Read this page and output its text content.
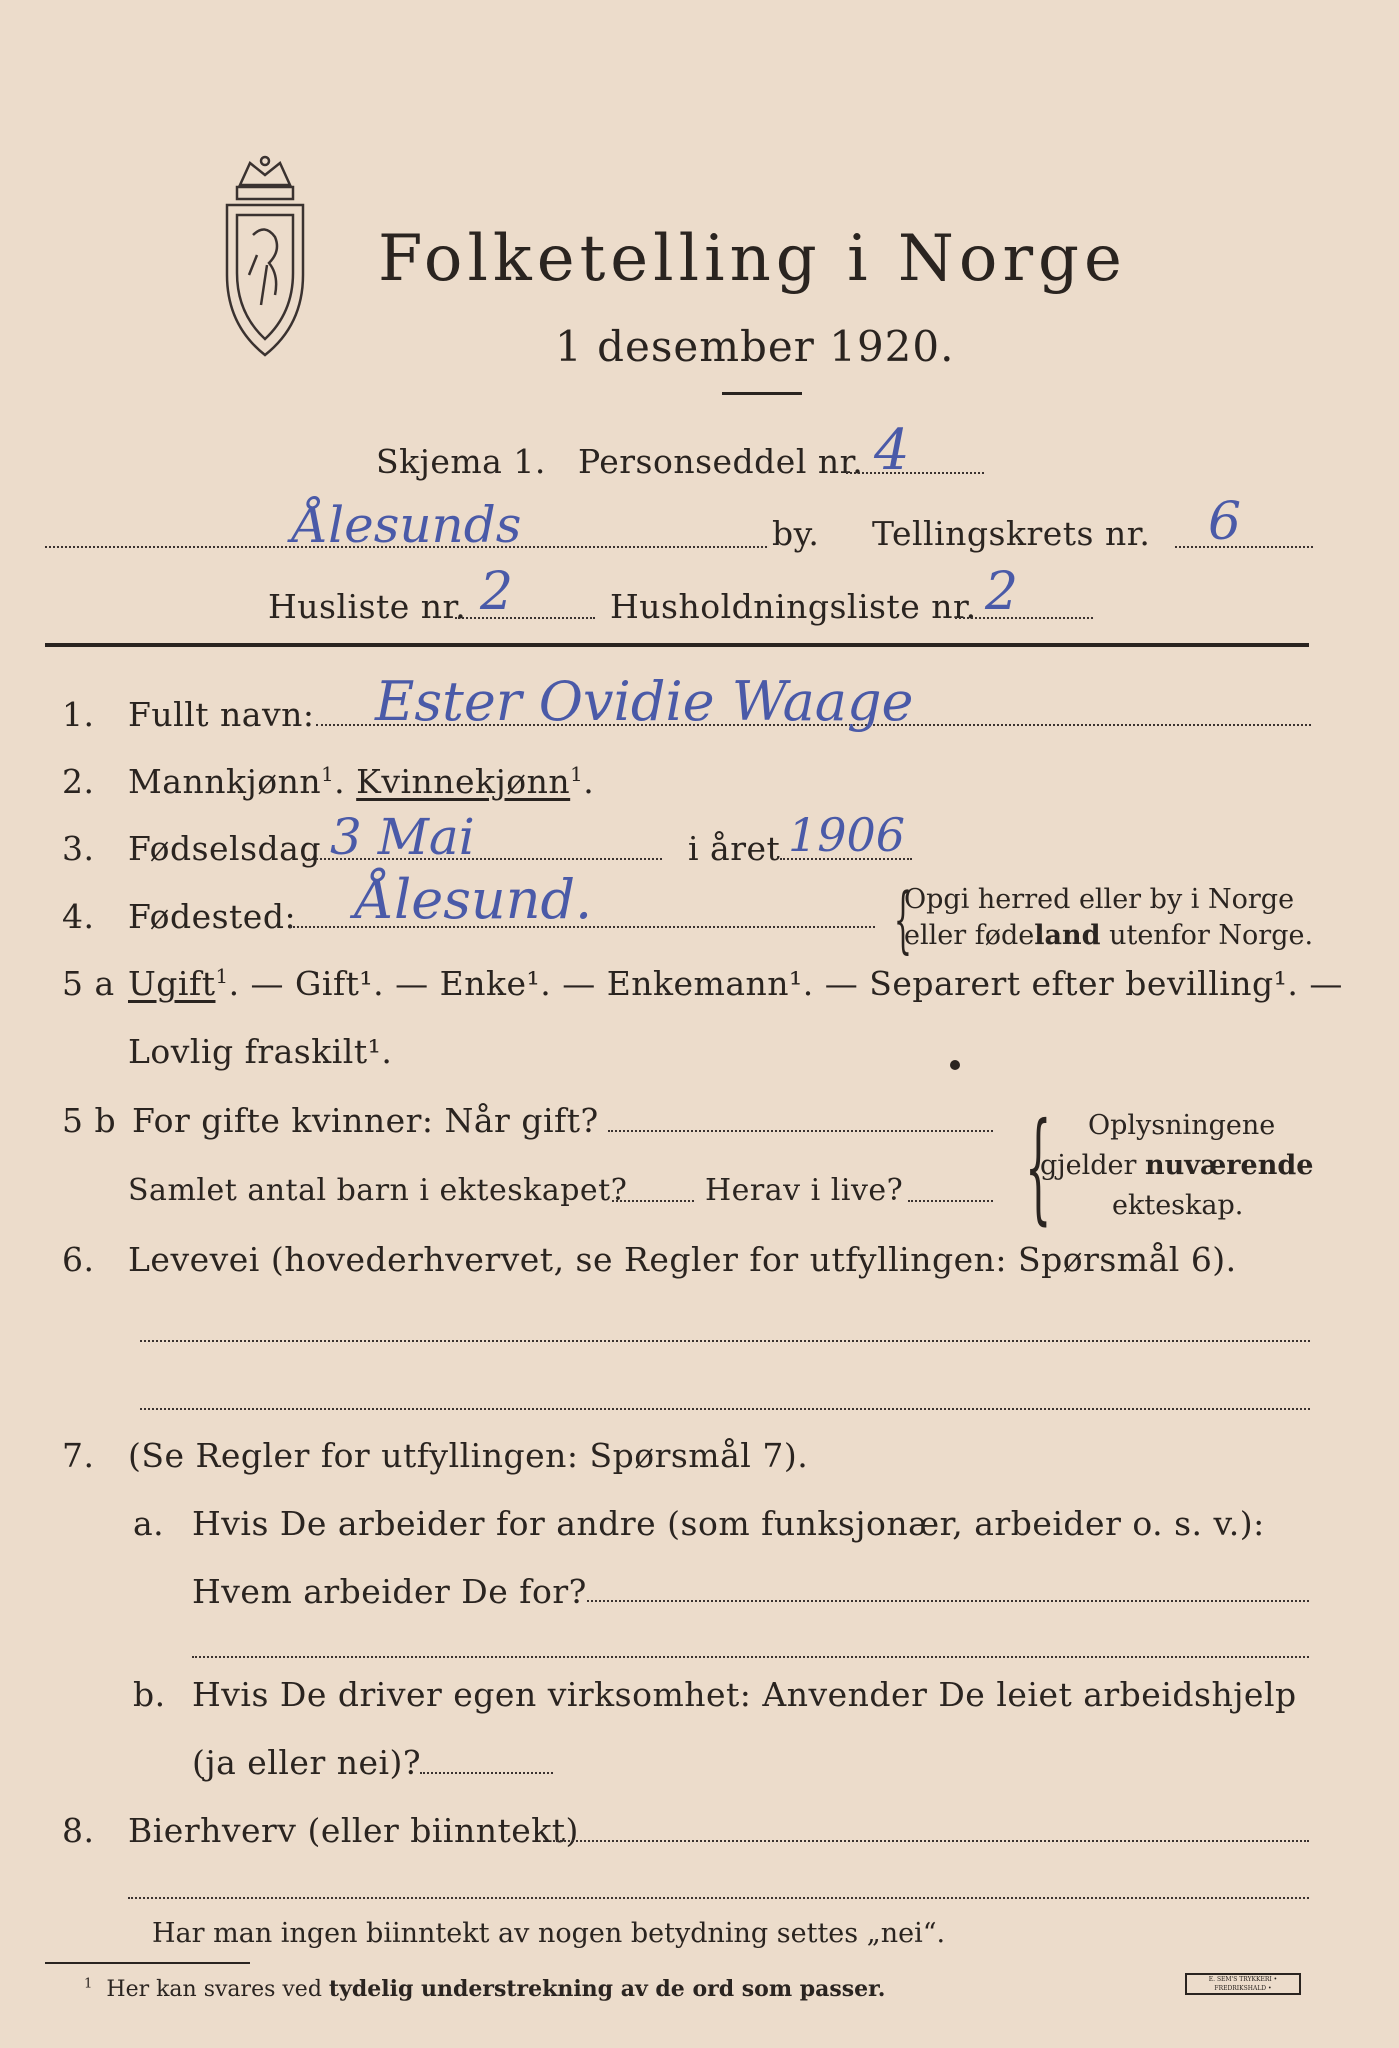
Folketelling i Norge
1 desember 1920.
Skjema 1. Personseddel nr. 4
Ålesunds	by. Tellingskrets nr. 6
Husliste nr. 2	Husholdningsliste nr. 2
1. Fullt navn: Ester Ovidie Waage
2. Mannkjønn$^1$. Kvinnekjønn$^1$.
3. Fødselsdag 3 Mai	i året 1906
4. Fødested: Ålesund.	{
Opgi herred eller by i Norge
eller fødeland utenfor Norge.
5 a Ugift$^1$. — Gift¹. — Enke¹. — Enkemann¹. — Separert efter bevilling¹. —
Lovlig fraskilt¹.
5 b For gifte kvinner: Når gift?
Samlet antal barn i ekteskapet?	Herav i live? { Oplysningene
gjelder nuværende
ekteskap.
6. Levevei (hovederhvervet, se Regler for utfyllingen: Spørsmål 6).
7. (Se Regler for utfyllingen: Spørsmål 7).
a. Hvis De arbeider for andre (som funksjonær, arbeider o. s. v.):
Hvem arbeider De for?
b. Hvis De driver egen virksomhet: Anvender De leiet arbeidshjelp
(ja eller nei)?
8. Bierhverv (eller biinntekt)
Har man ingen biinntekt av nogen betydning settes „nei“.
$^1$ Her kan svares ved tydelig understrekning av de ord som passer.	E. SEM'S TRYKKERI • FREDRIKSHALD •
